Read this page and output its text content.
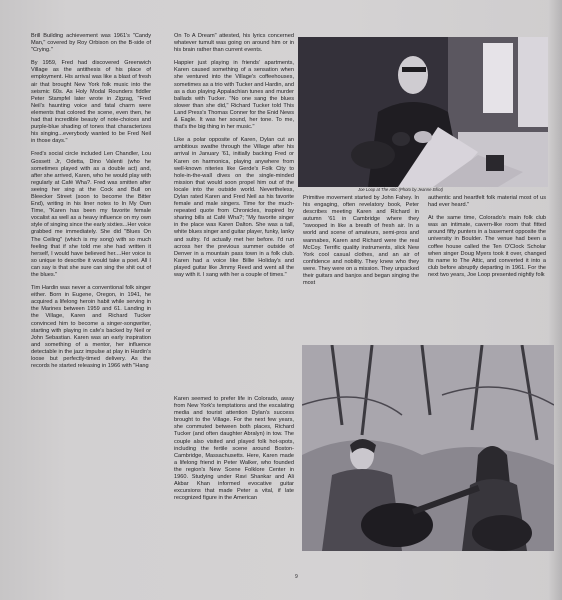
Brill Building achievement was 1961's "Candy Man," covered by Roy Orbison on the B-side of "Crying."

By 1959, Fred had discovered Greenwich Village as the antithesis of his place of employment. His arrival was like a blast of fresh air that brought New York folk music into the seismic 60s. As Holy Modal Rounders fiddler Peter Stampfel later wrote in Zigzag, "Fred Neil's haunting voice and fatal charm were elements that colored the scene, even then, he had that incredible beauty of note-choices and purple-blue shading of tones that characterizes his singing...everybody wanted to be Fred Neil in those days."

Fred's social circle included Len Chandler, Lou Gossett Jr, Odetta, Dino Valenti (who he sometimes played with as a double act) and, after she arrived, Karen, who he would play with regularly at Café Wha?. Fred was smitten after seeing her sing at the Cock and Bull on Bleecker Street (soon to become the Bitter End), writing in his liner notes to In My Own Time, "Karen has been my favorite female vocalist as well as a heavy influence on my own style of singing since the early sixties...Her voice grabbed me immediately. She did "Blues On The Ceiling" (which is my song) with so much feeling that if she told me she had written it herself, I would have believed her....Her voice is so unique to describe it would take a poet. All I can say is that she sure can sing the shit out of the blues."

Tim Hardin was never a conventional folk singer either. Born in Eugene, Oregon, in 1941, he acquired a lifelong heroin habit while serving in the Marines between 1959 and 61. Landing in the Village, Karen and Richard Tucker convinced him to become a singer-songwriter, starting with playing in cafe's backed by Neil or John Sebastian. Karen was an early inspiration and something of a mentor, her influence detectable in the jazz impulse at play in Hardin's loose but perfectly-timed delivery. As the records he started releasing in 1966 with "Hang

On To A Dream" attested, his lyrics concerned whatever tumult was going on around him or in his brain rather than current events.

Happier just playing in friends' apartments, Karen caused something of a sensation when she ventured into the Village's coffeehouses, sometimes as a trio with Tucker and Hardin, and as a duo playing Appalachian tunes and murder ballads with Tucker. "No one sang the blues slower than she did," Richard Tucker told This Land Press's Thomas Conner for the Enid News & Eagle. It was her sound, her tone. To me, that's the big thing in her music."

Like a polar opposite of Karen, Dylan cut an ambitious swathe through the Village after his arrival in January '61, initially backing Fred or Karen on harmonica, playing anywhere from well-known niteries like Gerde's Folk City to hole-in-the-wall dives on the single-minded mission that would soon propel him out of the locale into the outside world. Nevertheless, Dylan rated Karen and Fred Neil as his favorite female and male singers. Time for the much-repeated quote from Chronicles, inspired by sharing bills at Café Wha?; "My favorite singer in the place was Karen Dalton. She was a tall, white blues singer and guitar player, funky, lanky and sultry. I'd actually met her before. I'd run across her the previous summer outside of Denver in a mountain pass town in a folk club. Karen had a voice like Billie Holiday's and played guitar like Jimmy Reed and went all the way with it. I sang with her a couple of times."

Karen seemed to prefer life in Colorado, away from New York's temptations and the escalating media and tourist attention Dylan's success brought to the Village. For the next few years, she commuted between both places, Richard Tucker (and often daughter Abralyn) in tow. The couple also visited and played folk hot-spots, including the fertile scene around Boston-Cambridge, Massachusetts. Here, Karen made a lifelong friend in Peter Walker, who founded the region's New Scene Folklore Center in 1960. Studying under Ravi Shankar and Ali Akbar Khan informed evocative guitar excursions that made Peter a vital, if late recognized figure in the American

Joe Loop at The Attic (Photo by Jeanne Elliot)

Primitive movement started by John Fahey. In his engaging, often revelatory book, Peter describes meeting Karen and Richard in autumn '61 in Cambridge where they "swooped in like a breath of fresh air. In a world and scene of amateurs, semi-pros and wannabes, Karen and Richard were the real McCoy. Terrific quality instruments, slick New York cool casual clothes, and an air of confidence and nobility. They knew who they were. They were on a mission. They unpacked their guitars and banjos and began singing the most

authentic and heartfelt folk material most of us had ever heard."

At the same time, Colorado's main folk club was an intimate, cavern-like room that fitted around fifty punters in a basement opposite the university in Boulder. The venue had been a coffee house called the Ten O'Clock Scholar when singer Doug Myers took it over, changed its name to The Attic, and converted it into a club before abruptly departing in 1961. For the next two years, Joe Loop presented nightly folk

9
